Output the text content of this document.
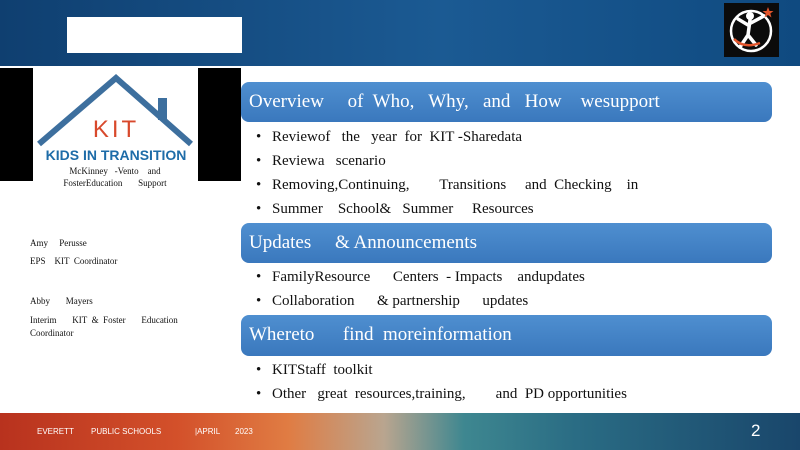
KIT
KIDS IN TRANSITION
McKinney   -Vento    and
FosterEducation       Support
Amy     Perusse
EPS    KIT  Coordinator
Abby       Mayers
Interim       KIT  &  Foster       Education
Coordinator
Overview     of  Who,   Why,   and   How    wesupport
• Reviewof   the   year  for  KIT -Sharedata
• Reviewa   scenario
• Removing,Continuing,        Transitions     and  Checking    in
• Summer    School&   Summer     Resources
Updates     & Announcements
• FamilyResource      Centers  - Impacts    andupdates
• Collaboration      & partnership      updates
Whereto      find  moreinformation
• KITStaff  toolkit
• Other   great  resources,training,        and  PD opportunities
EVERETT PUBLIC SCHOOLS	|APRIL 2023	2
